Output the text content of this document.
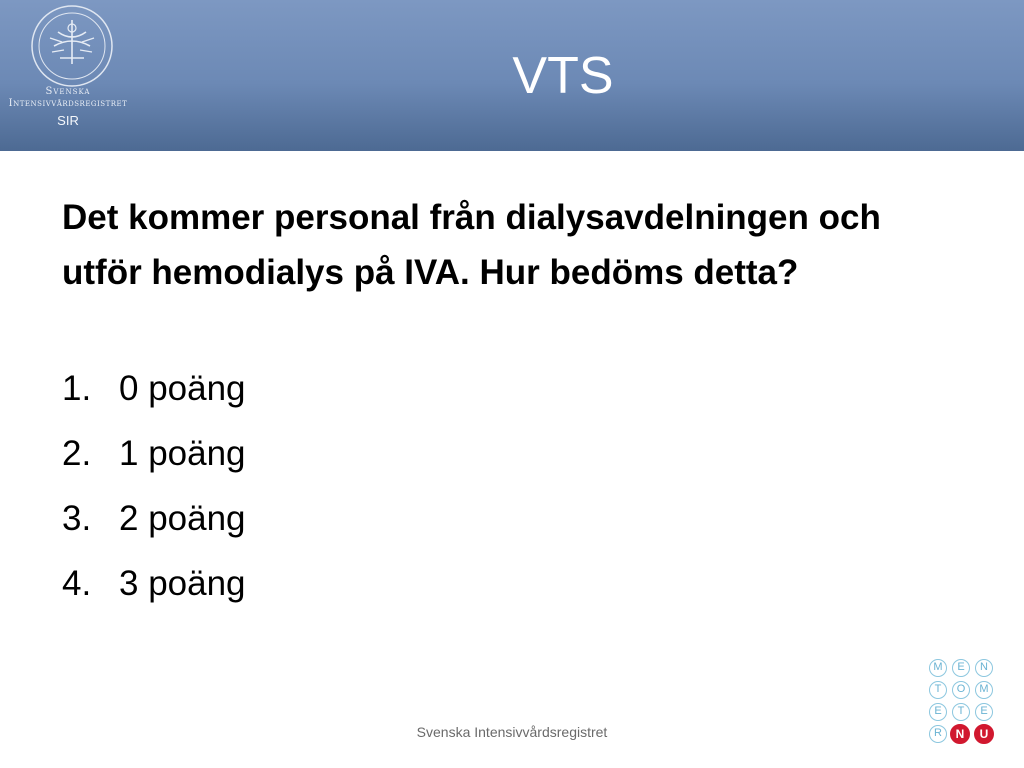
Svenska
Intensivvårdsregistret
SIR
VTS

Det kommer personal från dialysavdelningen och utför hemodialys på IVA. Hur bedöms detta?

1. 0 poäng
2. 1 poäng
3. 2 poäng
4. 3 poäng
Svenska Intensivvårdsregistret
M	E	N
T	O	M
E	T	E
R	N	U
